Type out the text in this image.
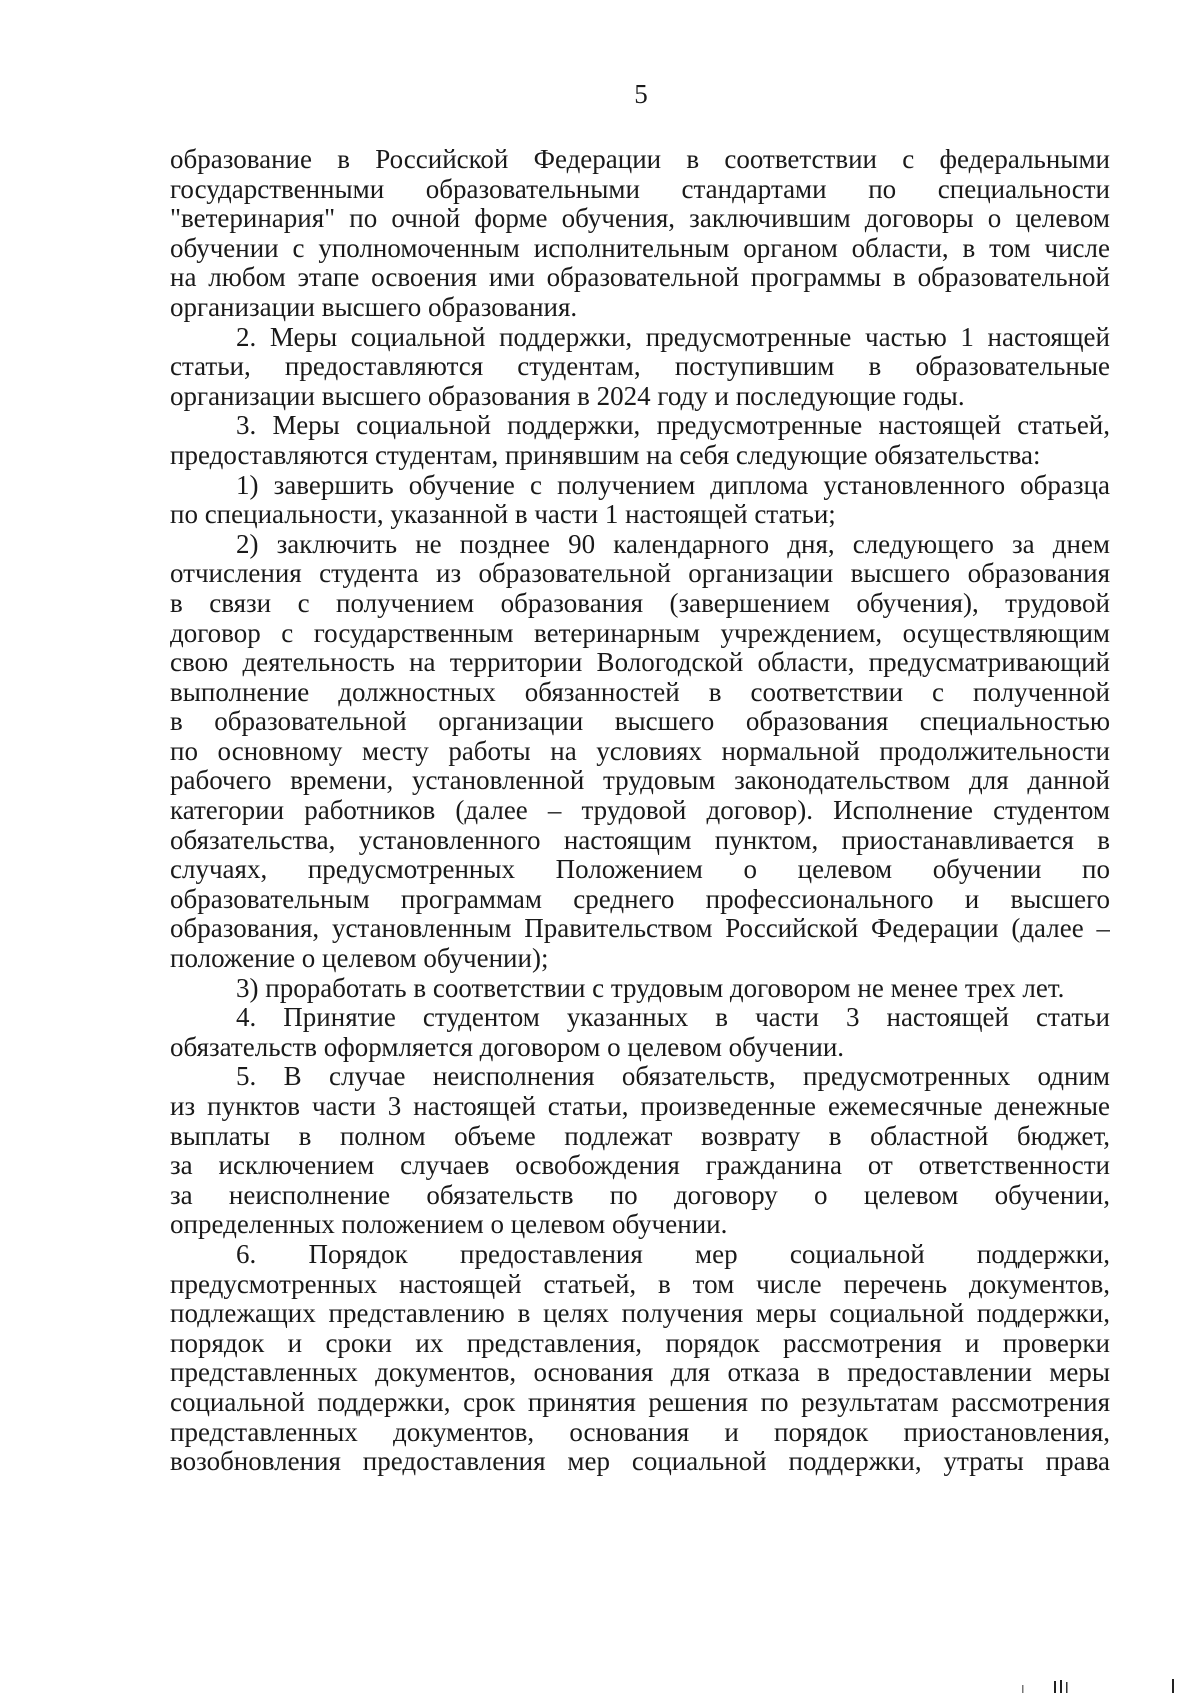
5
образование в Российской Федерации в соответствии с федеральными
государственными образовательными стандартами по специальности
"ветеринария" по очной форме обучения, заключившим договоры о целевом
обучении с уполномоченным исполнительным органом области, в том числе
на любом этапе освоения ими образовательной программы в образовательной
организации высшего образования.
2. Меры социальной поддержки, предусмотренные частью 1 настоящей
статьи, предоставляются студентам, поступившим в образовательные
организации высшего образования в 2024 году и последующие годы.
3. Меры социальной поддержки, предусмотренные настоящей статьей,
предоставляются студентам, принявшим на себя следующие обязательства:
1) завершить обучение с получением диплома установленного образца
по специальности, указанной в части 1 настоящей статьи;
2) заключить не позднее 90 календарного дня, следующего за днем
отчисления студента из образовательной организации высшего образования
в связи с получением образования (завершением обучения), трудовой
договор с государственным ветеринарным учреждением, осуществляющим
свою деятельность на территории Вологодской области, предусматривающий
выполнение должностных обязанностей в соответствии с полученной
в образовательной организации высшего образования специальностью
по основному месту работы на условиях нормальной продолжительности
рабочего времени, установленной трудовым законодательством для данной
категории работников (далее – трудовой договор). Исполнение студентом
обязательства, установленного настоящим пунктом, приостанавливается в
случаях, предусмотренных Положением о целевом обучении по
образовательным программам среднего профессионального и высшего
образования, установленным Правительством Российской Федерации (далее –
положение о целевом обучении);
3) проработать в соответствии с трудовым договором не менее трех лет.
4. Принятие студентом указанных в части 3 настоящей статьи
обязательств оформляется договором о целевом обучении.
5. В случае неисполнения обязательств, предусмотренных одним
из пунктов части 3 настоящей статьи, произведенные ежемесячные денежные
выплаты в полном объеме подлежат возврату в областной бюджет,
за исключением случаев освобождения гражданина от ответственности
за неисполнение обязательств по договору о целевом обучении,
определенных положением о целевом обучении.
6. Порядок предоставления мер социальной поддержки,
предусмотренных настоящей статьей, в том числе перечень документов,
подлежащих представлению в целях получения меры социальной поддержки,
порядок и сроки их представления, порядок рассмотрения и проверки
представленных документов, основания для отказа в предоставлении меры
социальной поддержки, срок принятия решения по результатам рассмотрения
представленных документов, основания и порядок приостановления,
возобновления предоставления мер социальной поддержки, утраты права
